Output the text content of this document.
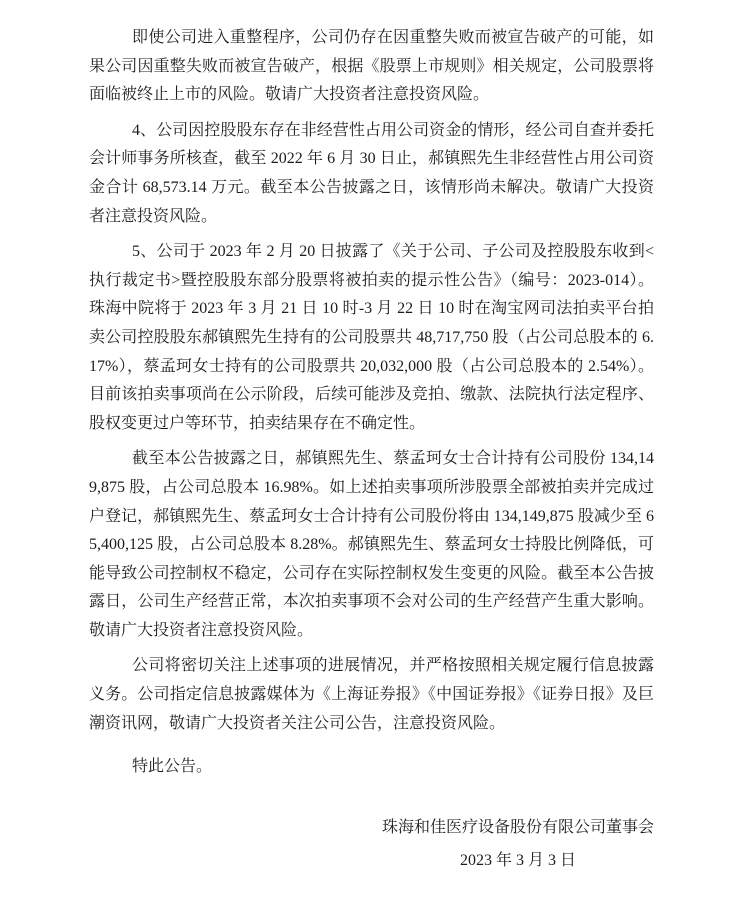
即使公司进入重整程序，公司仍存在因重整失败而被宣告破产的可能，如果公司因重整失败而被宣告破产，根据《股票上市规则》相关规定，公司股票将面临被终止上市的风险。敬请广大投资者注意投资风险。

4、公司因控股股东存在非经营性占用公司资金的情形，经公司自查并委托会计师事务所核查，截至 2022 年 6 月 30 日止，郝镇熙先生非经营性占用公司资金合计 68,573.14 万元。截至本公告披露之日，该情形尚未解决。敬请广大投资者注意投资风险。

5、公司于 2023 年 2 月 20 日披露了《关于公司、子公司及控股股东收到<执行裁定书>暨控股股东部分股票将被拍卖的提示性公告》（编号：2023-014）。珠海中院将于 2023 年 3 月 21 日 10 时-3 月 22 日 10 时在淘宝网司法拍卖平台拍卖公司控股股东郝镇熙先生持有的公司股票共 48,717,750 股（占公司总股本的 6.17%），蔡孟珂女士持有的公司股票共 20,032,000 股（占公司总股本的 2.54%）。目前该拍卖事项尚在公示阶段，后续可能涉及竞拍、缴款、法院执行法定程序、股权变更过户等环节，拍卖结果存在不确定性。

截至本公告披露之日，郝镇熙先生、蔡孟珂女士合计持有公司股份 134,149,875 股，占公司总股本 16.98%。如上述拍卖事项所涉股票全部被拍卖并完成过户登记，郝镇熙先生、蔡孟珂女士合计持有公司股份将由 134,149,875 股减少至 65,400,125 股，占公司总股本 8.28%。郝镇熙先生、蔡孟珂女士持股比例降低，可能导致公司控制权不稳定，公司存在实际控制权发生变更的风险。截至本公告披露日，公司生产经营正常，本次拍卖事项不会对公司的生产经营产生重大影响。敬请广大投资者注意投资风险。

公司将密切关注上述事项的进展情况，并严格按照相关规定履行信息披露义务。公司指定信息披露媒体为《上海证券报》《中国证券报》《证券日报》及巨潮资讯网，敬请广大投资者关注公司公告，注意投资风险。

特此公告。

珠海和佳医疗设备股份有限公司董事会
2023 年 3 月 3 日
